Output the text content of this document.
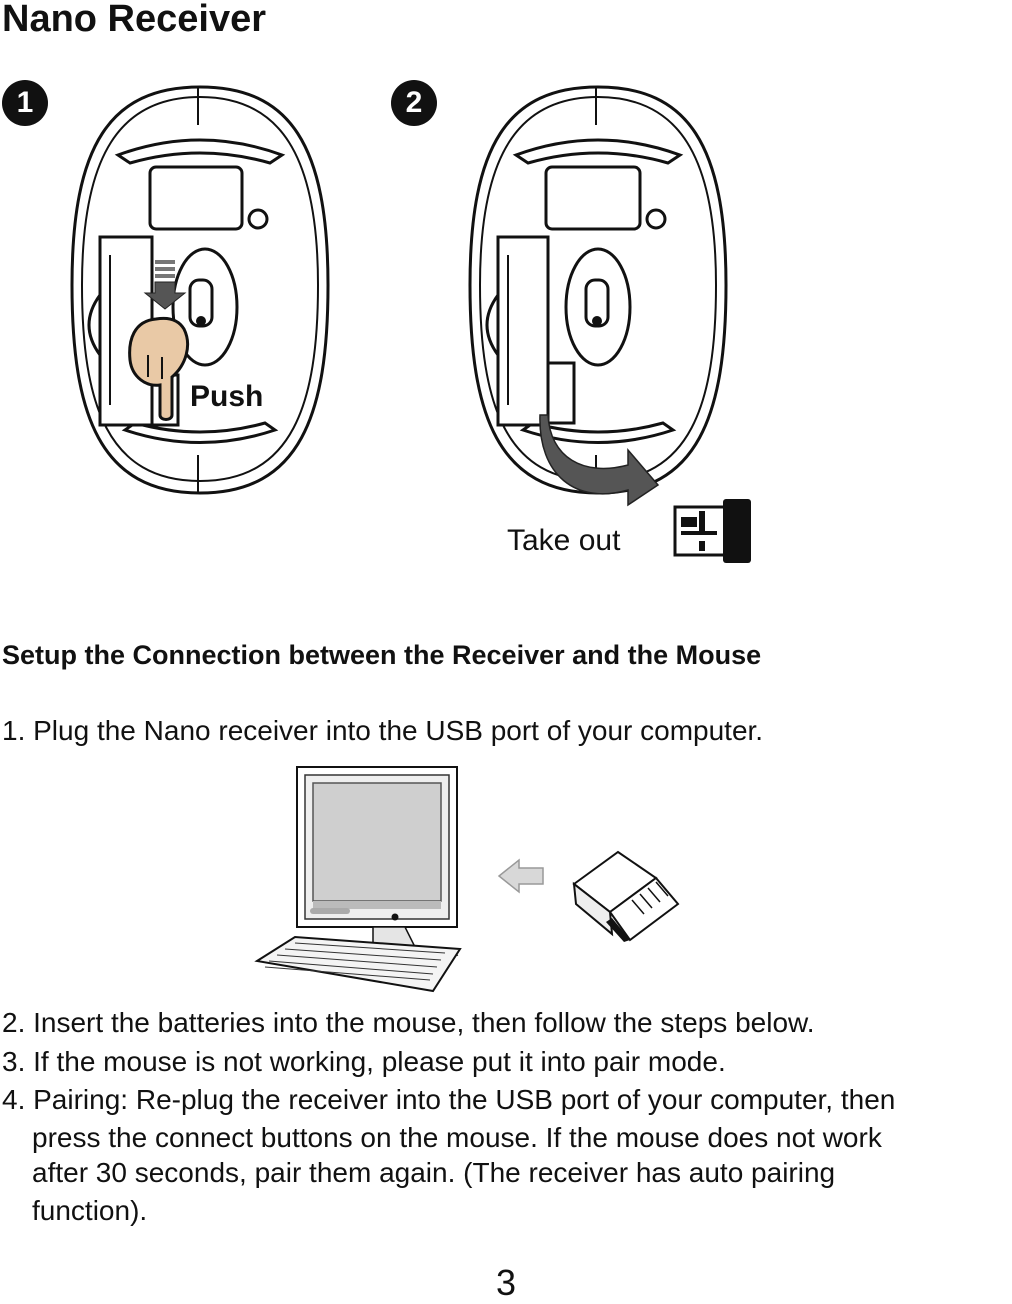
Nano Receiver
1	2
Push
Take out
Setup the Connection between the Receiver and the Mouse
1. Plug the Nano receiver into the USB port of your computer.
2. Insert the batteries into the mouse, then follow the steps below.
3. If the mouse is not working, please put it into pair mode.
4. Pairing: Re-plug the receiver into the USB port of your computer, then
press the connect buttons on the mouse. If the mouse does not work
after 30 seconds, pair them again. (The receiver has auto pairing
function).
3
